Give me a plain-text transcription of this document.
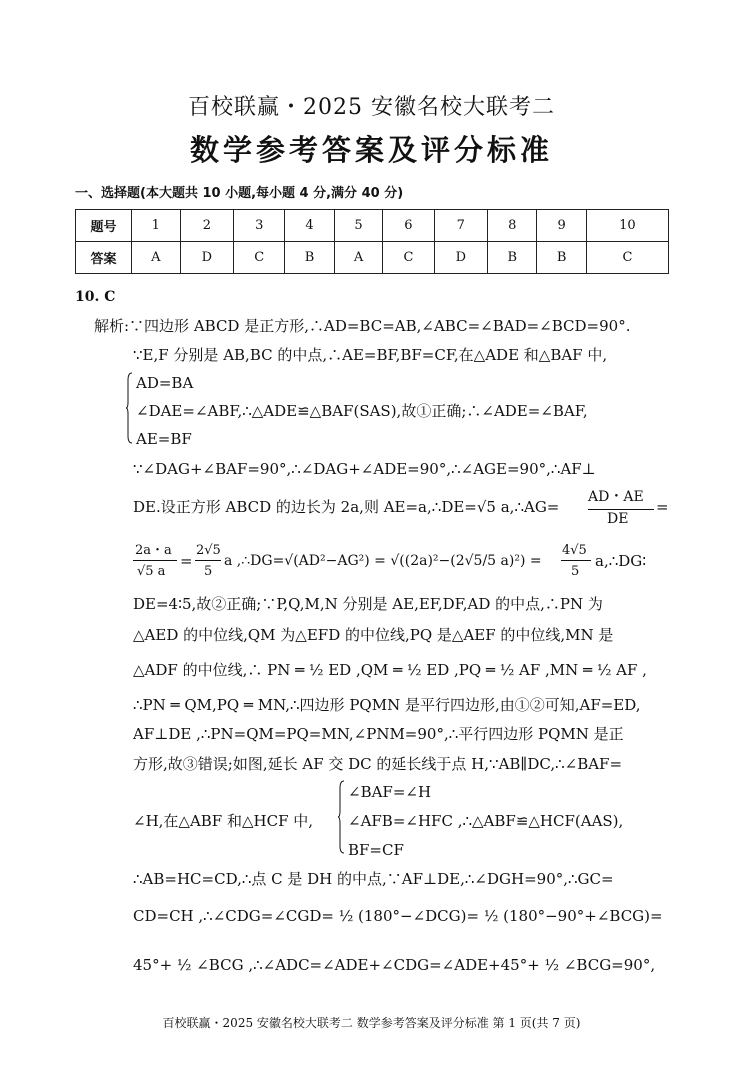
百校联赢・2025 安徽名校大联考二
数学参考答案及评分标准
一、选择题(本大题共 10 小题,每小题 4 分,满分 40 分)
题号	1	2	3	4	5	6	7	8	9	10
答案	A	D	C	B	A	C	D	B	B	C
10. C
解析:∵四边形 ABCD 是正方形,∴AD=BC=AB,∠ABC=∠BAD=∠BCD=90°.
∵E,F 分别是 AB,BC 的中点,∴AE=BF,BF=CF,在△ADE 和△BAF 中,
AD=BA
∠DAE=∠ABF,∴△ADE≌△BAF(SAS),故①正确;∴∠ADE=∠BAF,
AE=BF
∵∠DAG+∠BAF=90°,∴∠DAG+∠ADE=90°,∴∠AGE=90°,∴AF⊥
DE.设正方形 ABCD 的边长为 2a,则 AE=a,∴DE=√5 a,∴AG=
AD・AE
DE
=
2a・a
√5 a
=
2√5
5
a ,∴DG=√(AD²−AG²) = √((2a)²−(2√5/5 a)²) =
4√5
5
a,∴DG∶
DE=4∶5,故②正确;∵P,Q,M,N 分别是 AE,EF,DF,AD 的中点,∴PN 为
△AED 的中位线,QM 为△EFD 的中位线,PQ 是△AEF 的中位线,MN 是
△ADF 的中位线,∴ PN ═ ½ ED ,QM ═ ½ ED ,PQ ═ ½ AF ,MN ═ ½ AF ,
∴PN ═ QM,PQ ═ MN,∴四边形 PQMN 是平行四边形,由①②可知,AF=ED,
AF⊥DE ,∴PN=QM=PQ=MN,∠PNM=90°,∴平行四边形 PQMN 是正
方形,故③错误;如图,延长 AF 交 DC 的延长线于点 H,∵AB∥DC,∴∠BAF=
∠BAF=∠H
∠H,在△ABF 和△HCF 中, ∠AFB=∠HFC ,∴△ABF≌△HCF(AAS),
BF=CF
∴AB=HC=CD,∴点 C 是 DH 的中点,∵AF⊥DE,∴∠DGH=90°,∴GC=
CD=CH ,∴∠CDG=∠CGD= ½ (180°−∠DCG)= ½ (180°−90°+∠BCG)=
45°+ ½ ∠BCG ,∴∠ADC=∠ADE+∠CDG=∠ADE+45°+ ½ ∠BCG=90°,
百校联赢・2025 安徽名校大联考二 数学参考答案及评分标准 第 1 页(共 7 页)
